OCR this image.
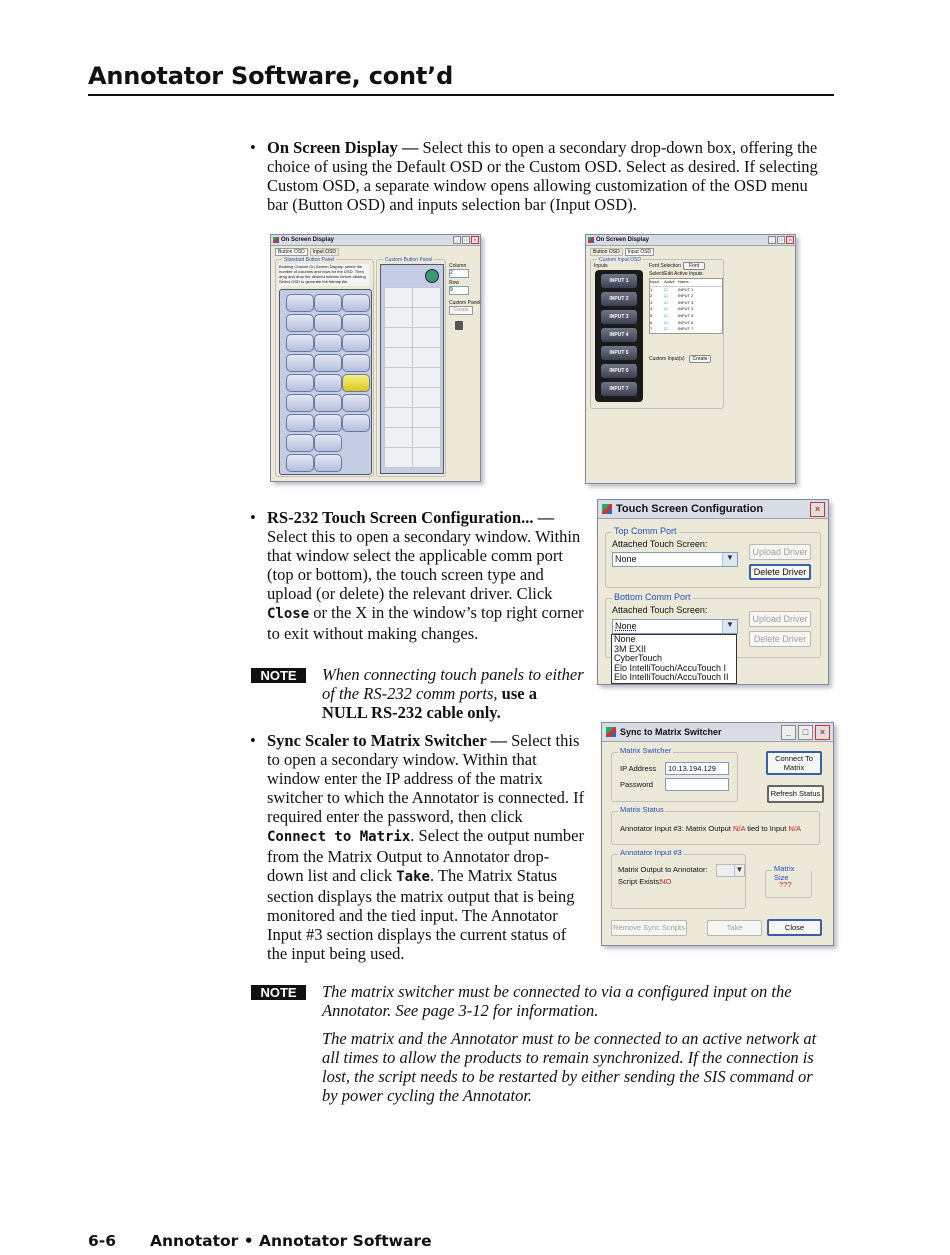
Annotator Software, cont’d
• On Screen Display — Select this to open a secondary drop-down box, offering the choice of using the Default OSD or the Custom OSD. Select as desired. If selecting Custom OSD, a separate window opens allowing customization of the OSD menu bar (Button OSD) and inputs selection bar (Input OSD).
On Screen Display	_	□	×
Button OSD	Input OSD
Standard Button Panel
Building Custom On-Screen Display: select the number of columns and rows for the OSD. Then drag and drop the desired buttons before clicking Select OSD to generate the bitmap file.
Custom Button Panel
Column
2
Row
9
Custom Panel
Create
On Screen Display	_	□	×
Button OSD	Input OSD
Custom Input OSD
Inputs
INPUT 1
INPUT 2
INPUT 3
INPUT 4
INPUT 5
INPUT 6
INPUT 7
Font Selection	Font
Select/Edit Active Inputs
Input	Active Name
1	☑	INPUT 1
2	☑	INPUT 2
3	☑	INPUT 3
4	☑	INPUT 4
5	☑	INPUT 5
6	☑	INPUT 6
7	☑	INPUT 7
Custom Input(s)	Create
• RS-232 Touch Screen Configuration... — Select this to open a secondary window. Within that window select the applicable comm port (top or bottom), the touch screen type and upload (or delete) the relevant driver. Click Close or the X in the window’s top right corner to exit without making changes.
NOTE	When connecting touch panels to either of the RS-232 comm ports, use a NULL RS-232 cable only.
Touch Screen Configuration	×
Top Comm Port
Attached Touch Screen:
None	▼
Upload Driver
Delete Driver
Bottom Comm Port
Attached Touch Screen:
None	▼
Upload Driver
Delete Driver
None
3M EXII
CyberTouch
Elo IntelliTouch/AccuTouch I
Elo IntelliTouch/AccuTouch II
• Sync Scaler to Matrix Switcher — Select this to open a secondary window. Within that window enter the IP address of the matrix switcher to which the Annotator is connected. If required enter the password, then click Connect to Matrix. Select the output number from the Matrix Output to Annotator drop-down list and click Take. The Matrix Status section displays the matrix output that is being monitored and the tied input. The Annotator Input #3 section displays the current status of the input being used.
Sync to Matrix Switcher	_	□	×
Matrix Switcher
IP Address 10.13.194.129
Password
Connect To Matrix
Refresh Status
Matrix Status
Annotator Input #3: Matrix Output N/A tied to Input N/A
Annotator Input #3
Matrix Output to Annotator:	▼
Script Exists:
NO
Matrix Size
???
Remove Sync Scripts	Take	Close
NOTE	The matrix switcher must be connected to via a configured input on the Annotator. See page 3-12 for information.
The matrix and the Annotator must to be connected to an active network at all times to allow the products to remain synchronized. If the connection is lost, the script needs to be restarted by either sending the SIS command or by power cycling the Annotator.
6-6 Annotator • Annotator Software
